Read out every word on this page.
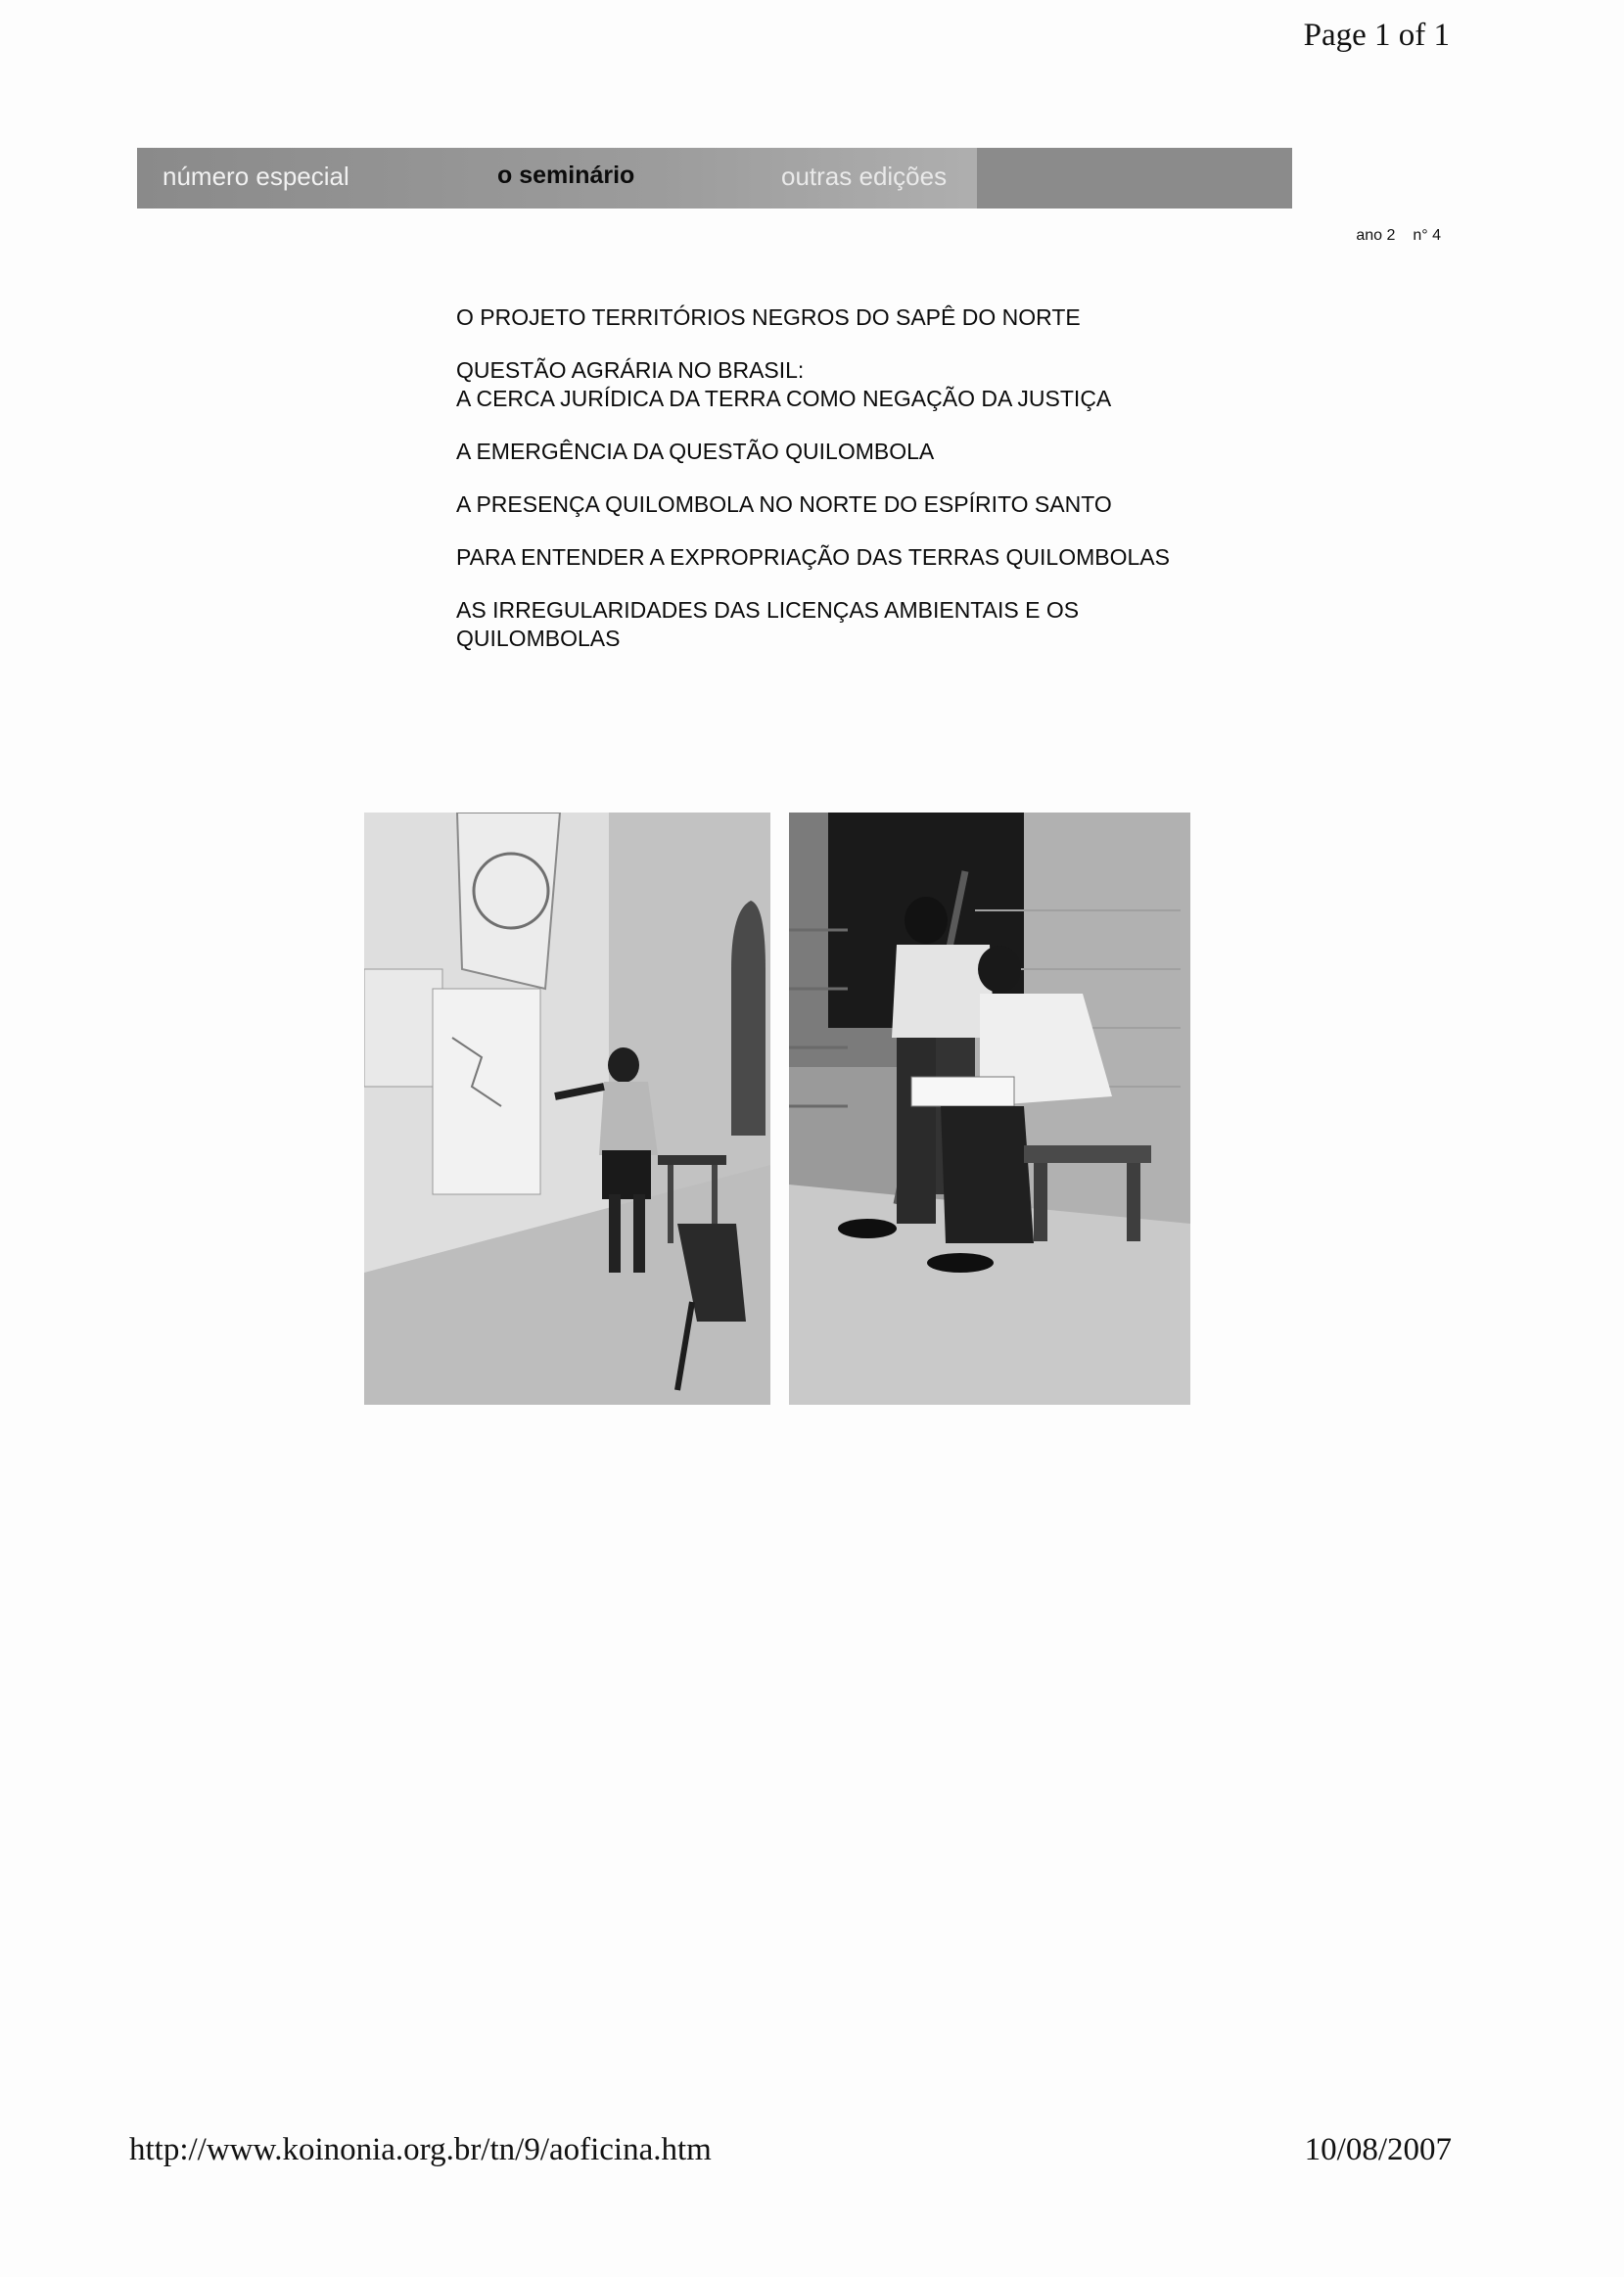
Page 1 of 1
número especial	o seminário	outras edições
ano 2 n° 4
O PROJETO TERRITÓRIOS NEGROS DO SAPÊ DO NORTE
QUESTÃO AGRÁRIA NO BRASIL:
A CERCA JURÍDICA DA TERRA COMO NEGAÇÃO DA JUSTIÇA
A EMERGÊNCIA DA QUESTÃO QUILOMBOLA
A PRESENÇA QUILOMBOLA NO NORTE DO ESPÍRITO SANTO
PARA ENTENDER A EXPROPRIAÇÃO DAS TERRAS QUILOMBOLAS
AS IRREGULARIDADES DAS LICENÇAS AMBIENTAIS E OS
QUILOMBOLAS
http://www.koinonia.org.br/tn/9/aoficina.htm	10/08/2007
